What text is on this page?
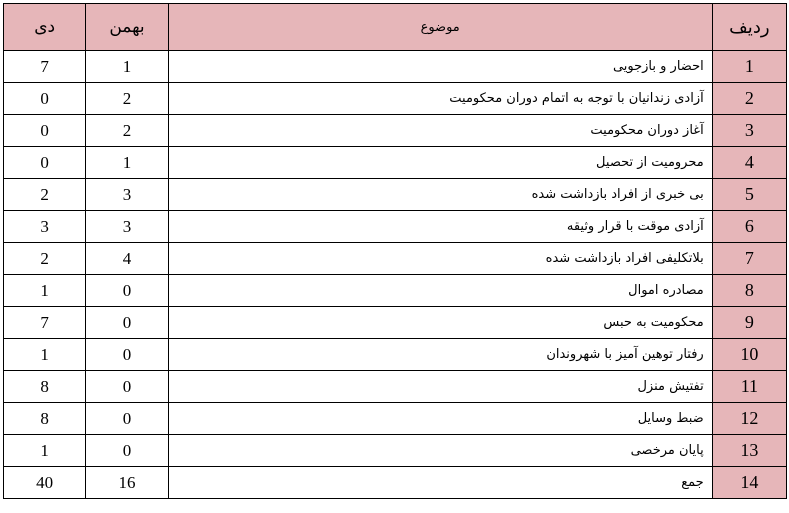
ردیف	موضوع	بهمن	دی
1	احضار و بازجویی	1	7
2	آزادی زندانیان با توجه به اتمام دوران محکومیت	2	0
3	آغاز دوران محکومیت	2	0
4	محرومیت از تحصیل	1	0
5	بی خبری از افراد بازداشت شده	3	2
6	آزادی موقت با قرار وثیقه	3	3
7	بلاتکلیفی افراد بازداشت شده	4	2
8	مصادره اموال	0	1
9	محکومیت به حبس	0	7
10	رفتار توهین آمیز با شهروندان	0	1
11	تفتیش منزل	0	8
12	ضبط وسایل	0	8
13	پایان مرخصی	0	1
14	جمع	16	40
